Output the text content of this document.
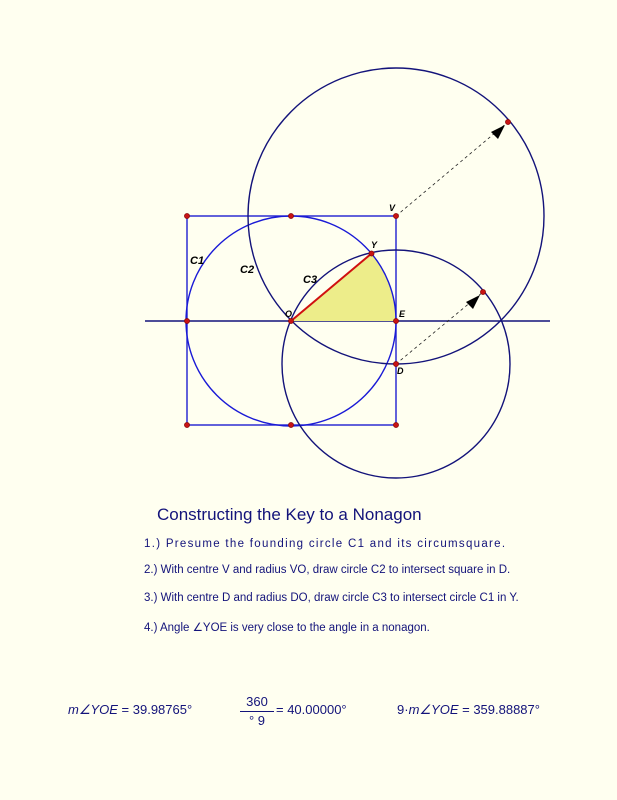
C1
C2
C3
O	E
Y
V
D
Constructing the Key to a Nonagon
1.) Presume the founding circle C1 and its circumsquare.
2.) With centre V and radius VO, draw circle C2 to intersect square in D.
3.) With centre D and radius DO, draw circle C3 to intersect circle C1 in Y.
4.) Angle ∠YOE is very close to the angle in a nonagon.
m∠YOE = 39.98765°	$\frac{360}{^\circ 9} = 40.00000^\circ$	9·m∠YOE = 359.88887°
